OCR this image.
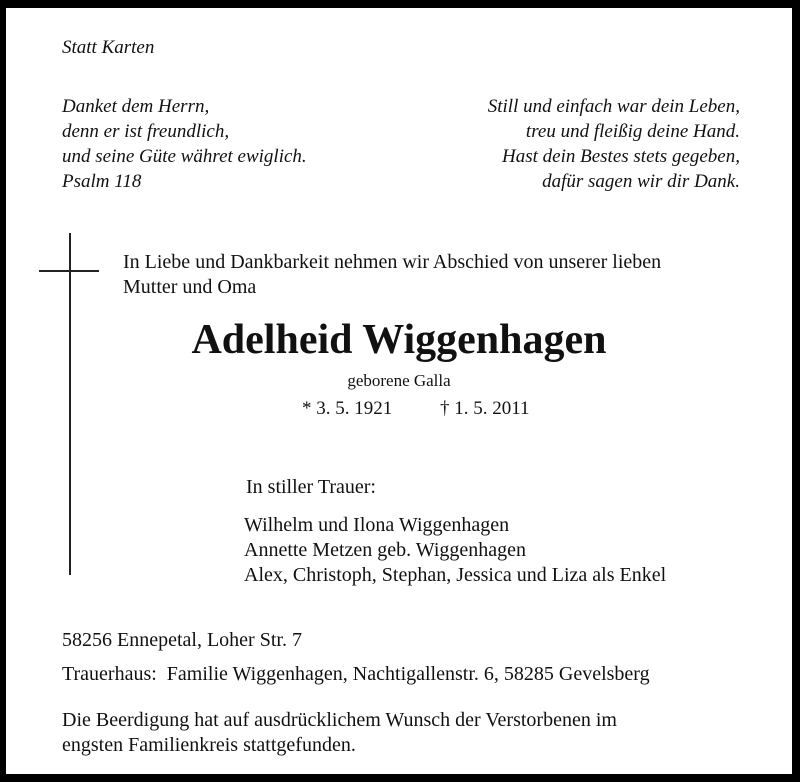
Statt Karten
Danket dem Herrn,
denn er ist freundlich,
und seine Güte währet ewiglich.
Psalm 118
Still und einfach war dein Leben,
treu und fleißig deine Hand.
Hast dein Bestes stets gegeben,
dafür sagen wir dir Dank.
In Liebe und Dankbarkeit nehmen wir Abschied von unserer lieben
Mutter und Oma
Adelheid Wiggenhagen
geborene Galla
* 3. 5. 1921	† 1. 5. 2011
In stiller Trauer:
Wilhelm und Ilona Wiggenhagen
Annette Metzen geb. Wiggenhagen
Alex, Christoph, Stephan, Jessica und Liza als Enkel
58256 Ennepetal, Loher Str. 7
Trauerhaus:  Familie Wiggenhagen, Nachtigallenstr. 6, 58285 Gevelsberg
Die Beerdigung hat auf ausdrücklichem Wunsch der Verstorbenen im
engsten Familienkreis stattgefunden.
